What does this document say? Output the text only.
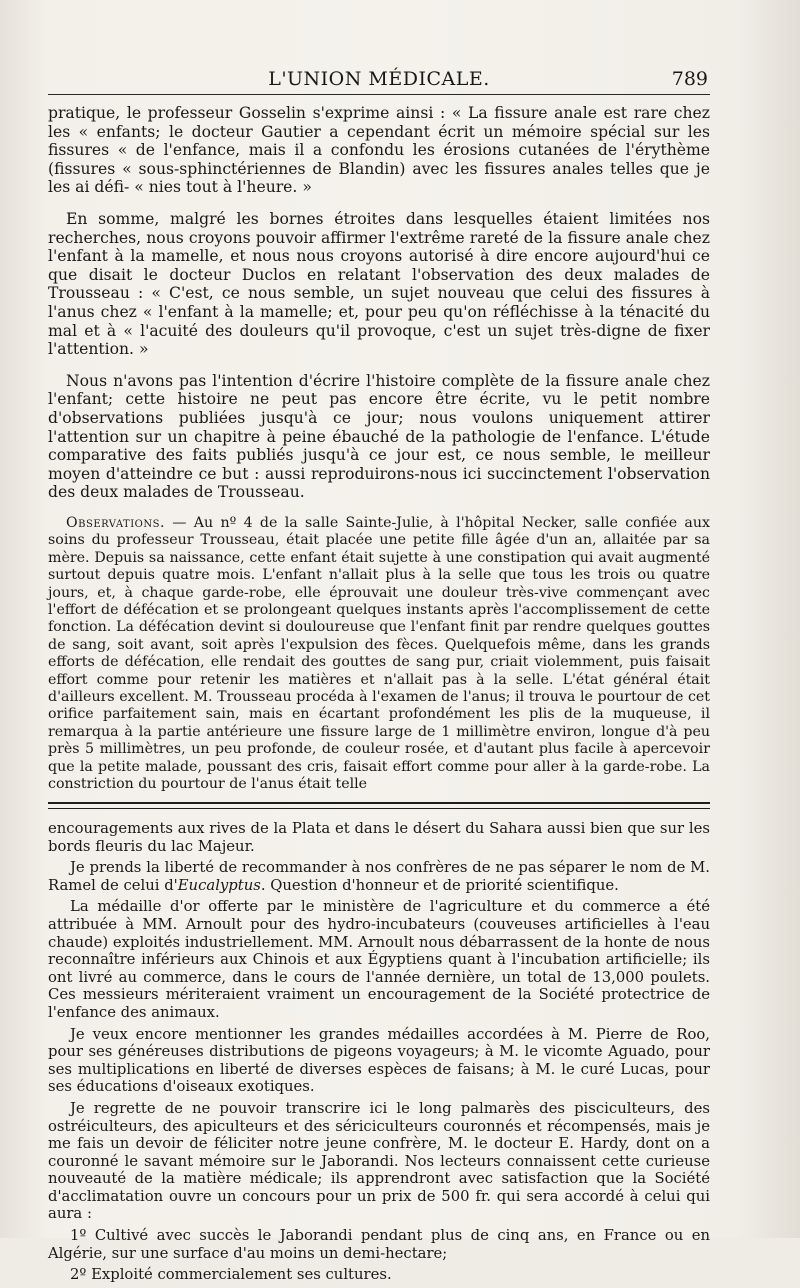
L'UNION MÉDICALE.	789

pratique, le professeur Gosselin s'exprime ainsi : « La fissure anale est rare chez les « enfants; le docteur Gautier a cependant écrit un mémoire spécial sur les fissures « de l'enfance, mais il a confondu les érosions cutanées de l'érythème (fissures « sous-sphinctériennes de Blandin) avec les fissures anales telles que je les ai défi- « nies tout à l'heure. »

En somme, malgré les bornes étroites dans lesquelles étaient limitées nos recherches, nous croyons pouvoir affirmer l'extrême rareté de la fissure anale chez l'enfant à la mamelle, et nous nous croyons autorisé à dire encore aujourd'hui ce que disait le docteur Duclos en relatant l'observation des deux malades de Trousseau : « C'est, ce nous semble, un sujet nouveau que celui des fissures à l'anus chez « l'enfant à la mamelle; et, pour peu qu'on réfléchisse à la ténacité du mal et à « l'acuité des douleurs qu'il provoque, c'est un sujet très-digne de fixer l'attention. »

Nous n'avons pas l'intention d'écrire l'histoire complète de la fissure anale chez l'enfant; cette histoire ne peut pas encore être écrite, vu le petit nombre d'observations publiées jusqu'à ce jour; nous voulons uniquement attirer l'attention sur un chapitre à peine ébauché de la pathologie de l'enfance. L'étude comparative des faits publiés jusqu'à ce jour est, ce nous semble, le meilleur moyen d'atteindre ce but : aussi reproduirons-nous ici succinctement l'observation des deux malades de Trousseau.

Observations. — Au nº 4 de la salle Sainte-Julie, à l'hôpital Necker, salle confiée aux soins du professeur Trousseau, était placée une petite fille âgée d'un an, allaitée par sa mère. Depuis sa naissance, cette enfant était sujette à une constipation qui avait augmenté surtout depuis quatre mois. L'enfant n'allait plus à la selle que tous les trois ou quatre jours, et, à chaque garde-robe, elle éprouvait une douleur très-vive commençant avec l'effort de défécation et se prolongeant quelques instants après l'accomplissement de cette fonction. La défécation devint si douloureuse que l'enfant finit par rendre quelques gouttes de sang, soit avant, soit après l'expulsion des fèces. Quelquefois même, dans les grands efforts de défécation, elle rendait des gouttes de sang pur, criait violemment, puis faisait effort comme pour retenir les matières et n'allait pas à la selle. L'état général était d'ailleurs excellent. M. Trousseau procéda à l'examen de l'anus; il trouva le pourtour de cet orifice parfaitement sain, mais en écartant profondément les plis de la muqueuse, il remarqua à la partie antérieure une fissure large de 1 millimètre environ, longue d'à peu près 5 millimètres, un peu profonde, de couleur rosée, et d'autant plus facile à apercevoir que la petite malade, poussant des cris, faisait effort comme pour aller à la garde-robe. La constriction du pourtour de l'anus était telle

encouragements aux rives de la Plata et dans le désert du Sahara aussi bien que sur les bords fleuris du lac Majeur.

Je prends la liberté de recommander à nos confrères de ne pas séparer le nom de M. Ramel de celui d'Eucalyptus. Question d'honneur et de priorité scientifique.

La médaille d'or offerte par le ministère de l'agriculture et du commerce a été attribuée à MM. Arnoult pour des hydro-incubateurs (couveuses artificielles à l'eau chaude) exploités industriellement. MM. Arnoult nous débarrassent de la honte de nous reconnaître inférieurs aux Chinois et aux Égyptiens quant à l'incubation artificielle; ils ont livré au commerce, dans le cours de l'année dernière, un total de 13,000 poulets. Ces messieurs mériteraient vraiment un encouragement de la Société protectrice de l'enfance des animaux.

Je veux encore mentionner les grandes médailles accordées à M. Pierre de Roo, pour ses généreuses distributions de pigeons voyageurs; à M. le vicomte Aguado, pour ses multiplications en liberté de diverses espèces de faisans; à M. le curé Lucas, pour ses éducations d'oiseaux exotiques.

Je regrette de ne pouvoir transcrire ici le long palmarès des pisciculteurs, des ostréiculteurs, des apiculteurs et des sériciculteurs couronnés et récompensés, mais je me fais un devoir de féliciter notre jeune confrère, M. le docteur E. Hardy, dont on a couronné le savant mémoire sur le Jaborandi. Nos lecteurs connaissent cette curieuse nouveauté de la matière médicale; ils apprendront avec satisfaction que la Société d'acclimatation ouvre un concours pour un prix de 500 fr. qui sera accordé à celui qui aura :

1º Cultivé avec succès le Jaborandi pendant plus de cinq ans, en France ou en Algérie, sur une surface d'au moins un demi-hectare;

2º Exploité commercialement ses cultures.
